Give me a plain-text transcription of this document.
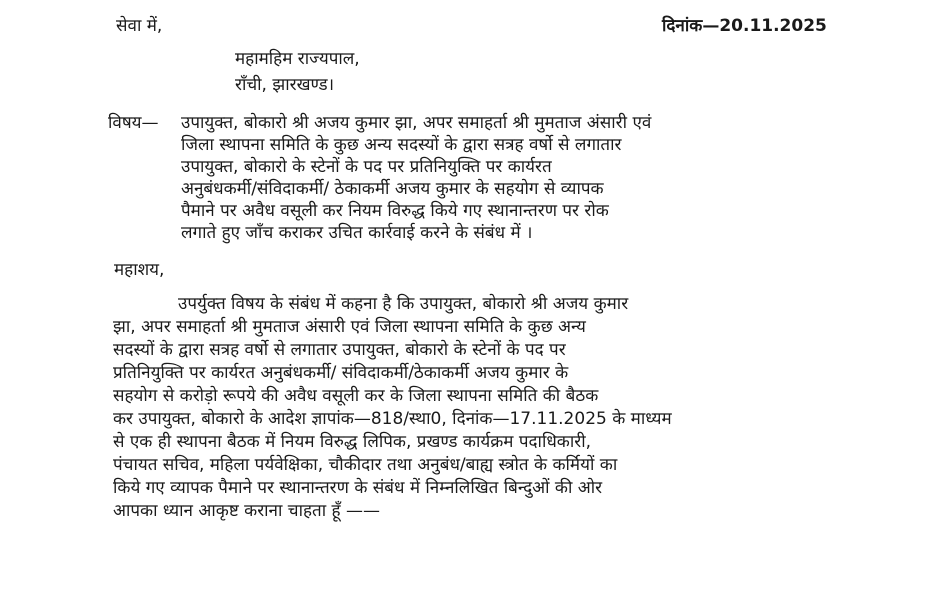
सेवा में,	दिनांक—20.11.2025
महामहिम राज्यपाल,
राँची, झारखण्ड।
विषय— उपायुक्त, बोकारो श्री अजय कुमार झा, अपर समाहर्ता श्री मुमताज अंसारी एवं
जिला स्थापना समिति के कुछ अन्य सदस्यों के द्वारा सत्रह वर्षो से लगातार
उपायुक्त, बोकारो के स्टेनों के पद पर प्रतिनियुक्ति पर कार्यरत
अनुबंधकर्मी/संविदाकर्मी/ ठेकाकर्मी अजय कुमार के सहयोग से व्यापक
पैमाने पर अवैध वसूली कर नियम विरुद्ध किये गए स्थानान्तरण पर रोक
लगाते हुए जाँच कराकर उचित कार्रवाई करने के संबंध में ।
महाशय,
उपर्युक्त विषय के संबंध में कहना है कि उपायुक्त, बोकारो श्री अजय कुमार
झा, अपर समाहर्ता श्री मुमताज अंसारी एवं जिला स्थापना समिति के कुछ अन्य
सदस्यों के द्वारा सत्रह वर्षो से लगातार उपायुक्त, बोकारो के स्टेनों के पद पर
प्रतिनियुक्ति पर कार्यरत अनुबंधकर्मी/ संविदाकर्मी/ठेकाकर्मी अजय कुमार के
सहयोग से करोड़ो रूपये की अवैध वसूली कर के जिला स्थापना समिति की बैठक
कर उपायुक्त, बोकारो के आदेश ज्ञापांक—818/स्था0, दिनांक—17.11.2025 के माध्यम
से एक ही स्थापना बैठक में नियम विरुद्ध लिपिक, प्रखण्ड कार्यक्रम पदाधिकारी,
पंचायत सचिव, महिला पर्यवेक्षिका, चौकीदार तथा अनुबंध/बाह्य स्त्रोत के कर्मियों का
किये गए व्यापक पैमाने पर स्थानान्तरण के संबंध में निम्नलिखित बिन्दुओं की ओर
आपका ध्यान आकृष्ट कराना चाहता हूँ ——
